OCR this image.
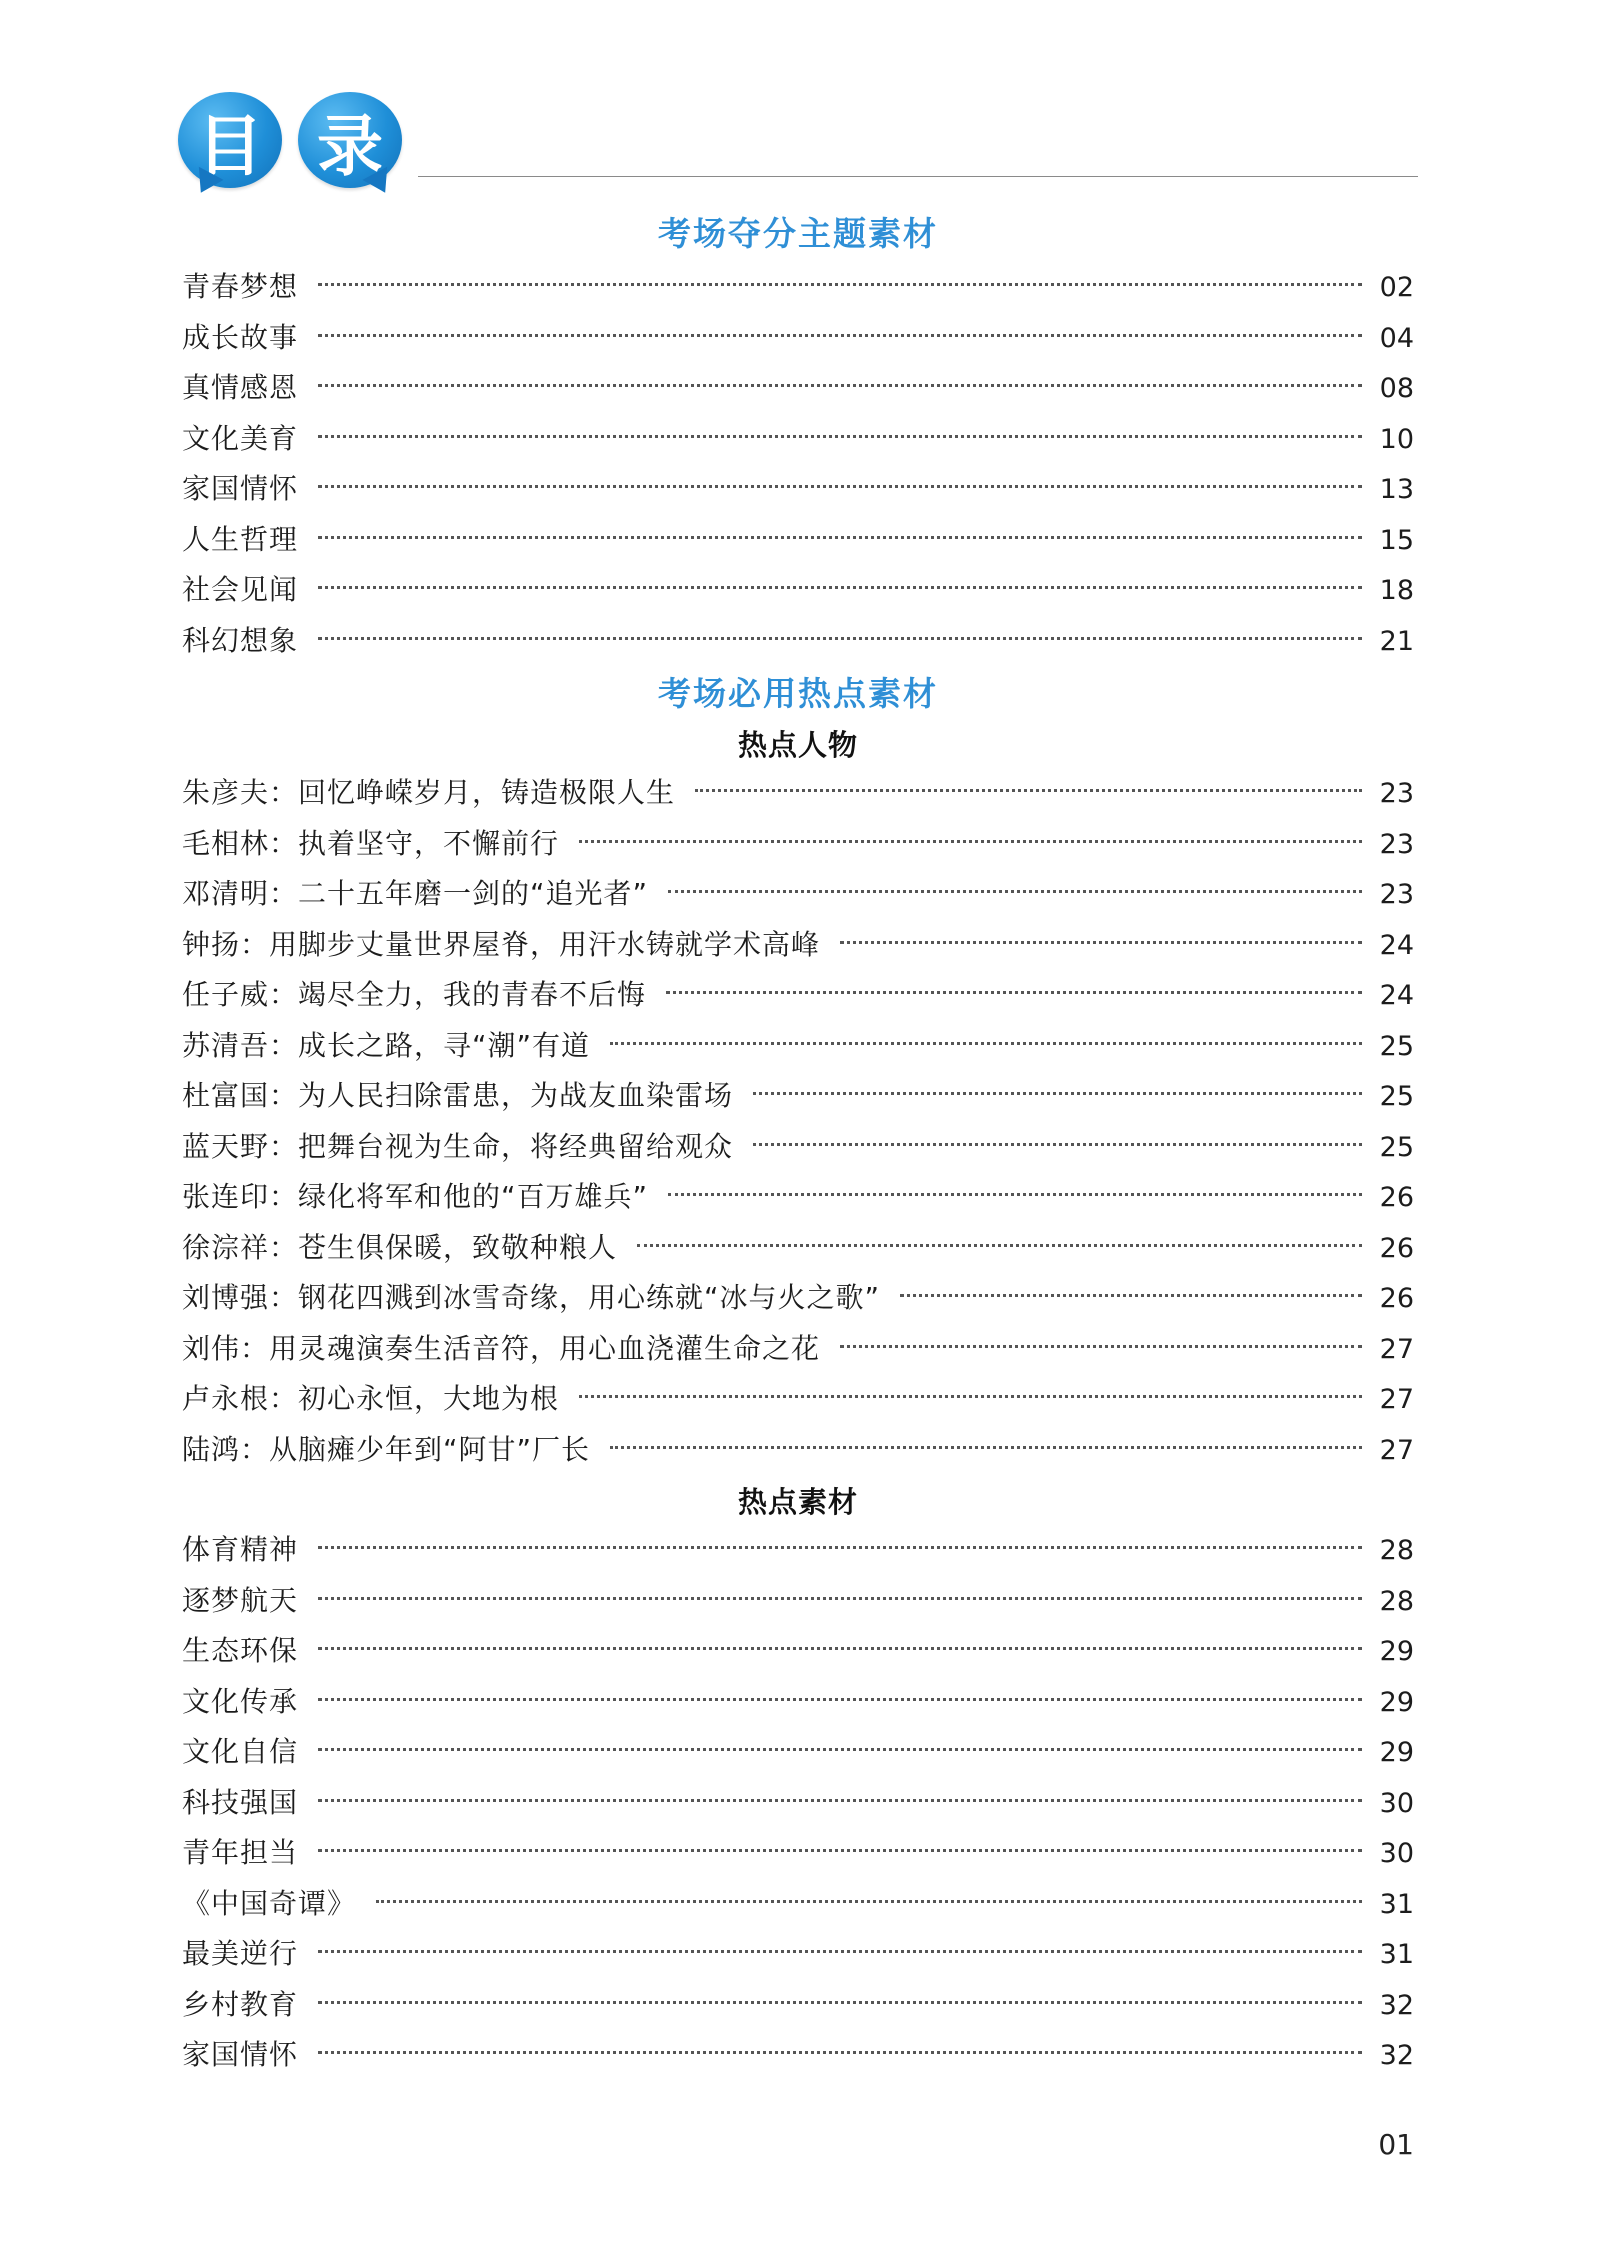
目 录
考场夺分主题素材
青春梦想	02
成长故事	04
真情感恩	08
文化美育	10
家国情怀	13
人生哲理	15
社会见闻	18
科幻想象	21
考场必用热点素材
热点人物
朱彦夫：回忆峥嵘岁月，铸造极限人生	23
毛相林：执着坚守，不懈前行	23
邓清明：二十五年磨一剑的“追光者”	23
钟扬：用脚步丈量世界屋脊，用汗水铸就学术高峰	24
任子威：竭尽全力，我的青春不后悔	24
苏清吾：成长之路，寻“潮”有道	25
杜富国：为人民扫除雷患，为战友血染雷场	25
蓝天野：把舞台视为生命，将经典留给观众	25
张连印：绿化将军和他的“百万雄兵”	26
徐淙祥：苍生俱保暖，致敬种粮人	26
刘博强：钢花四溅到冰雪奇缘，用心练就“冰与火之歌”	26
刘伟：用灵魂演奏生活音符，用心血浇灌生命之花	27
卢永根：初心永恒，大地为根	27
陆鸿：从脑瘫少年到“阿甘”厂长	27
热点素材
体育精神	28
逐梦航天	28
生态环保	29
文化传承	29
文化自信	29
科技强国	30
青年担当	30
《中国奇谭》	31
最美逆行	31
乡村教育	32
家国情怀	32
01
